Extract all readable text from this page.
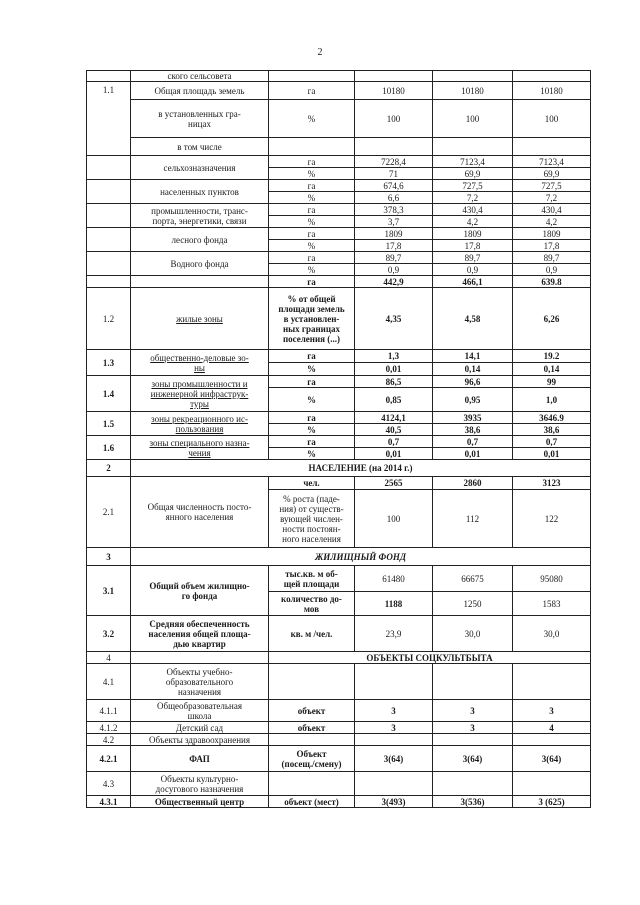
2
	ского сельсовета				
1.1	Общая площадь земель	га	10180	10180	10180
	в установленных гра-
ницах	%	100	100	100
	в том числе				
	сельхозназначения	га	7228,4	7123,4	7123,4
		%	71	69,9	69,9
	населенных пунктов	га	674,6	727,5	727,5
		%	6,6	7,2	7,2
	промышленности, транс-
порта, энергетики, связи	га	378,3	430,4	430,4
		%	3,7	4,2	4,2
	лесного фонда	га	1809	1809	1809
		%	17,8	17,8	17,8
	Водного фонда	га	89,7	89,7	89,7
		%	0,9	0,9	0,9
		га	442,9	466,1	639.8
1.2	жилые зоны	% от общей
площади земель
в установлен-
ных границах
поселения (...)	4,35	4,58	6,26
1.3	общественно-деловые зо-
ны	га	1,3	14,1	19.2
		%	0,01	0,14	0,14
1.4	зоны промышленности и
инженерной инфраструк-
туры	га	86,5	96,6	99
		%	0,85	0,95	1,0
1.5	зоны рекреационного ис-
пользования	га	4124,1	3935	3646.9
		%	40,5	38,6	38,6
1.6	зоны специального назна-
чения	га	0,7	0,7	0,7
		%	0,01	0,01	0,01
2	НАСЕЛЕНИЕ (на 2014 г.)				
2.1	Общая численность посто-
янного населения	чел.	2565	2860	3123
		% роста (паде-
ния) от существ-
вующей числен-
ности постоян-
ного населения	100	112	122
3	ЖИЛИЩНЫЙ ФОНД				
3.1	Общий объем жилищно-
го фонда	тыс.кв. м об-
щей площади	61480	66675	95080
		количество до-
мов	1188	1250	1583
3.2	Средняя обеспеченность
населения общей площа-
дью квартир	кв. м /чел.	23,9	30,0	30,0
4		ОБЪЕКТЫ СОЦКУЛЬТБЫТА			
4.1	Объекты учебно-
образовательного
назначения				
4.1.1	Общеобразовательная
школа	объект	3	3	3
4.1.2	Детский сад	объект	3	3	4
4.2	Объекты здравоохранения				
4.2.1	ФАП	Объект
(посещ./смену)	3(64)	3(64)	3(64)
4.3	Объекты культурно-
досугового назначения				
4.3.1	Общественный центр	объект (мест)	3(493)	3(536)	3 (625)
